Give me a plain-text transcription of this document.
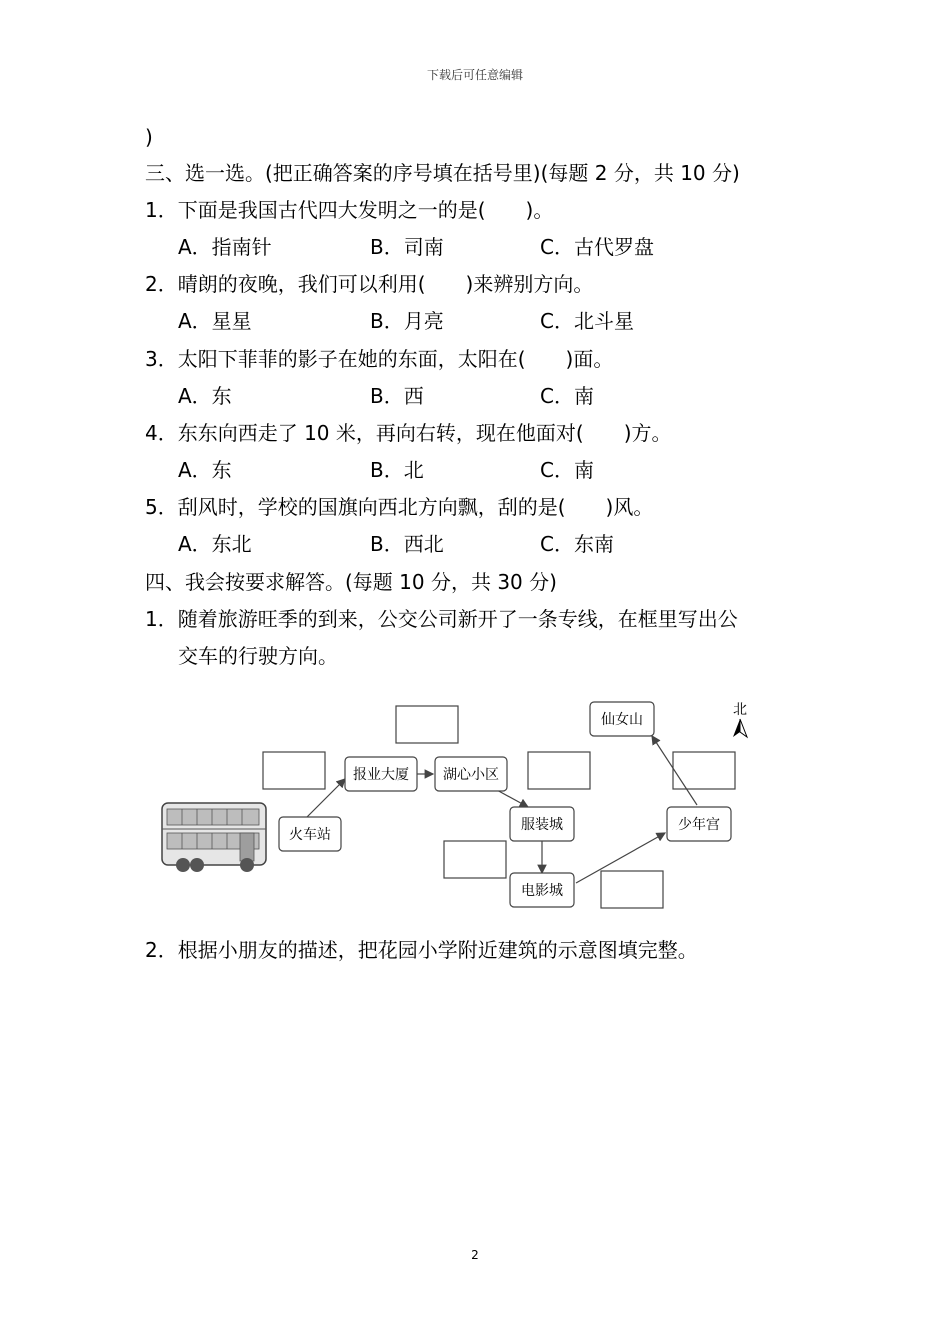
下载后可任意编辑
)
三、选一选。(把正确答案的序号填在括号里)(每题 2 分，共 10 分)
1．下面是我国古代四大发明之一的是(　　)。
A．指南针	B．司南	C．古代罗盘
2．晴朗的夜晚，我们可以利用(　　)来辨别方向。
A．星星	B．月亮	C．北斗星
3．太阳下菲菲的影子在她的东面，太阳在(　　)面。
A．东	B．西	C．南
4．东东向西走了 10 米，再向右转，现在他面对(　　)方。
A．东	B．北	C．南
5．刮风时，学校的国旗向西北方向飘，刮的是(　　)风。
A．东北	B．西北	C．东南
四、我会按要求解答。(每题 10 分，共 30 分)
1．随着旅游旺季的到来，公交公司新开了一条专线，在框里写出公
交车的行驶方向。
北
火车站
报业大厦 湖心小区
服装城
电影城
少年宫
仙女山
2．根据小朋友的描述，把花园小学附近建筑的示意图填完整。
2
